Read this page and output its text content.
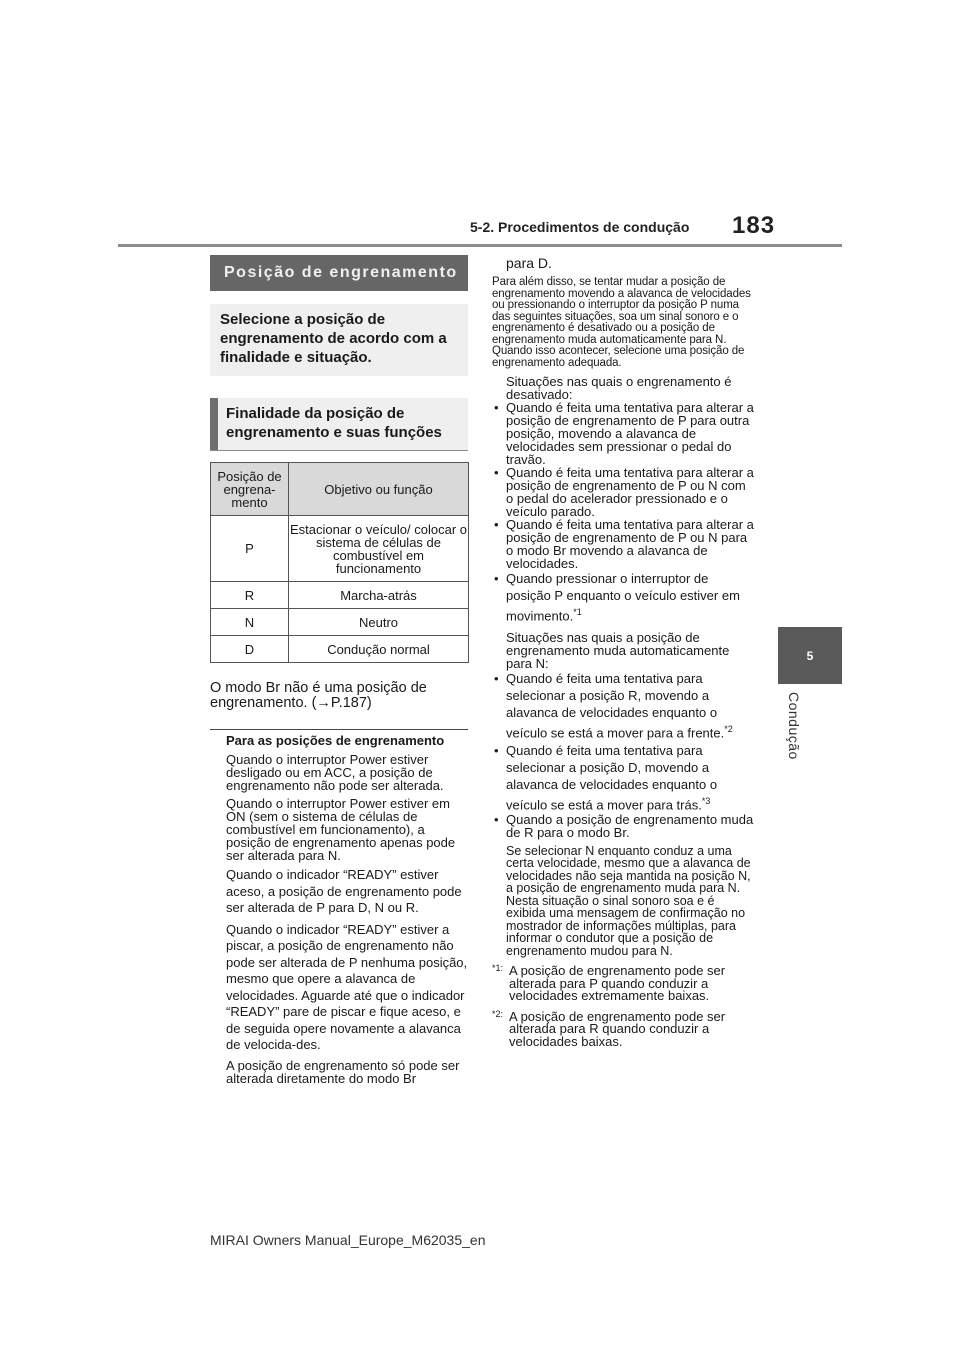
5-2. Procedimentos de condução 183
5
Condução
Posição de engrenamento
Selecione a posição de engrenamento de acordo com a finalidade e situação.
Finalidade da posição de engrenamento e suas funções
Posição de engrena-mento	Objetivo ou função
P	Estacionar o veículo/ colocar o sistema de células de combustível em funcionamento
R	Marcha-atrás
N	Neutro
D	Condução normal

O modo Br não é uma posição de engrenamento. (→P.187)

Para as posições de engrenamento

Quando o interruptor Power estiver desligado ou em ACC, a posição de engrenamento não pode ser alterada.

Quando o interruptor Power estiver em ON (sem o sistema de células de combustível em funcionamento), a posição de engrenamento apenas pode ser alterada para N.

Quando o indicador “READY” estiver aceso, a posição de engrenamento pode ser alterada de P para D, N ou R.

Quando o indicador “READY” estiver a piscar, a posição de engrenamento não pode ser alterada de P nenhuma posição, mesmo que opere a alavanca de velocidades. Aguarde até que o indicador “READY” pare de piscar e fique aceso, e de seguida opere novamente a alavanca de velocida-des.

A posição de engrenamento só pode ser alterada diretamente do modo Br

para D.

Para além disso, se tentar mudar a posição de engrenamento movendo a alavanca de velocidades ou pressionando o interruptor da posição P numa das seguintes situações, soa um sinal sonoro e o engrenamento é desativado ou a posição de engrenamento muda automaticamente para N. Quando isso acontecer, selecione uma posição de engrenamento adequada.

Situações nas quais o engrenamento é desativado:

• Quando é feita uma tentativa para alterar a posição de engrenamento de P para outra posição, movendo a alavanca de velocidades sem pressionar o pedal do travão.
• Quando é feita uma tentativa para alterar a posição de engrenamento de P ou N com o pedal do acelerador pressionado e o veículo parado.
• Quando é feita uma tentativa para alterar a posição de engrenamento de P ou N para o modo Br movendo a alavanca de velocidades.
• Quando pressionar o interruptor de posição P enquanto o veículo estiver em movimento.$^{*1}$

Situações nas quais a posição de engrenamento muda automaticamente para N:

• Quando é feita uma tentativa para selecionar a posição R, movendo a alavanca de velocidades enquanto o veículo se está a mover para a frente.$^{*2}$
• Quando é feita uma tentativa para selecionar a posição D, movendo a alavanca de velocidades enquanto o veículo se está a mover para trás.$^{*3}$
• Quando a posição de engrenamento muda de R para o modo Br.

Se selecionar N enquanto conduz a uma certa velocidade, mesmo que a alavanca de velocidades não seja mantida na posição N, a posição de engrenamento muda para N. Nesta situação o sinal sonoro soa e é exibida uma mensagem de confirmação no mostrador de informações múltiplas, para informar o condutor que a posição de engrenamento mudou para N.

*1: A posição de engrenamento pode ser alterada para P quando conduzir a velocidades extremamente baixas.
*2: A posição de engrenamento pode ser alterada para R quando conduzir a velocidades baixas.
MIRAI Owners Manual_Europe_M62035_en
